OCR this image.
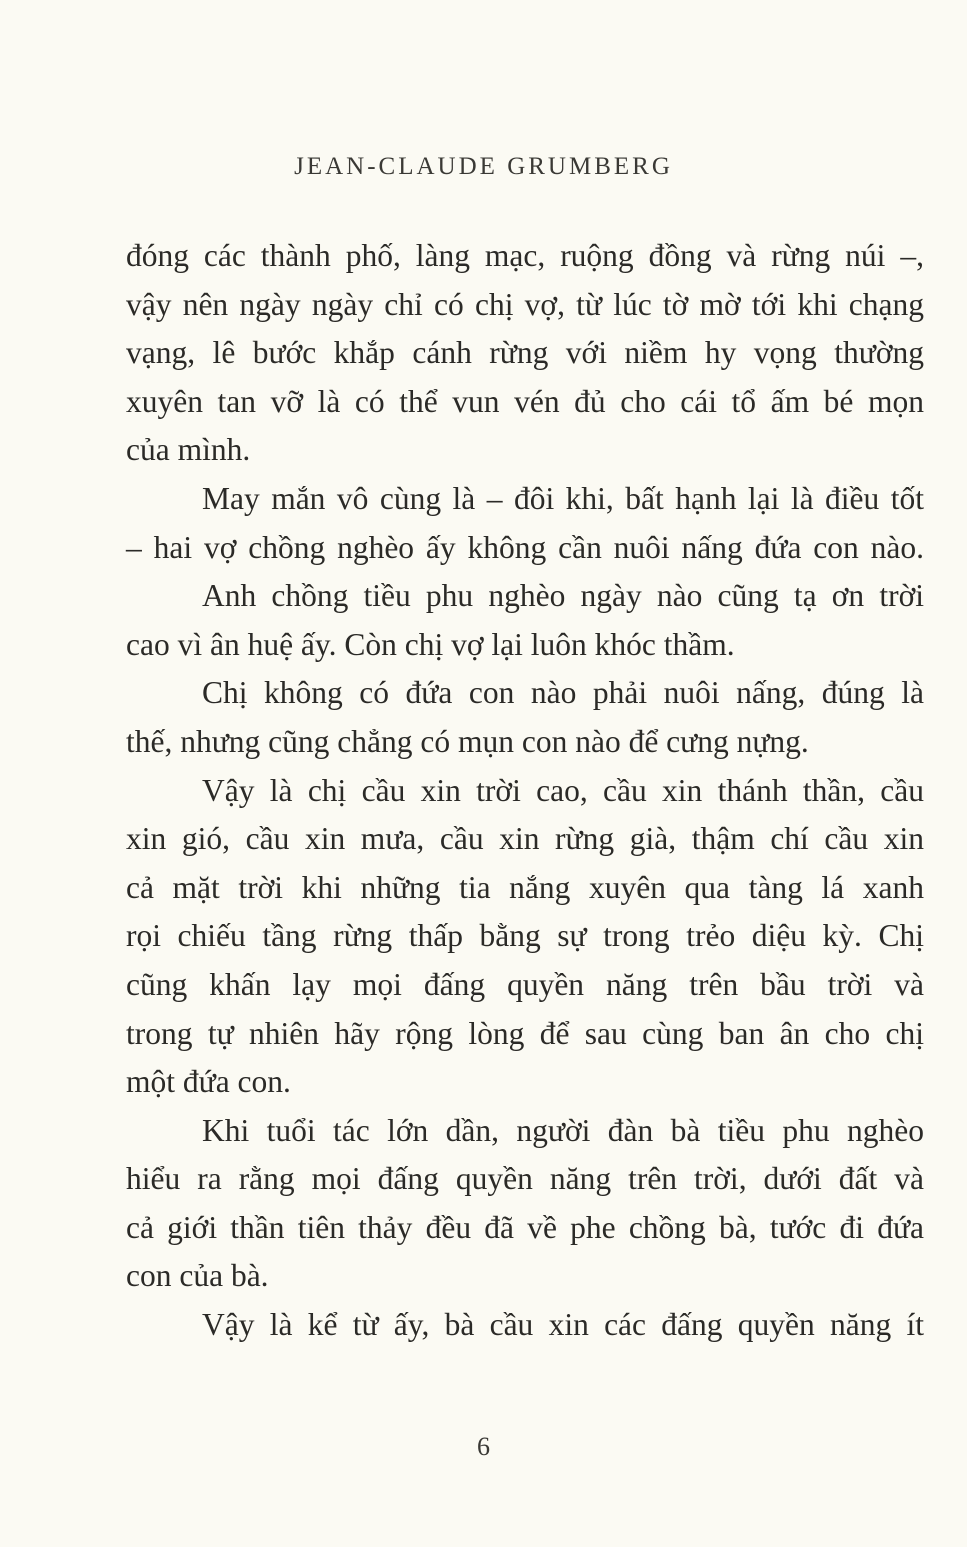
JEAN-CLAUDE GRUMBERG
đóng các thành phố, làng mạc, ruộng đồng và rừng núi –,
vậy nên ngày ngày chỉ có chị vợ, từ lúc tờ mờ tới khi chạng
vạng, lê bước khắp cánh rừng với niềm hy vọng thường
xuyên tan vỡ là có thể vun vén đủ cho cái tổ ấm bé mọn
của mình.
May mắn vô cùng là – đôi khi, bất hạnh lại là điều tốt
– hai vợ chồng nghèo ấy không cần nuôi nấng đứa con nào.
Anh chồng tiều phu nghèo ngày nào cũng tạ ơn trời
cao vì ân huệ ấy. Còn chị vợ lại luôn khóc thầm.
Chị không có đứa con nào phải nuôi nấng, đúng là
thế, nhưng cũng chẳng có mụn con nào để cưng nựng.
Vậy là chị cầu xin trời cao, cầu xin thánh thần, cầu
xin gió, cầu xin mưa, cầu xin rừng già, thậm chí cầu xin
cả mặt trời khi những tia nắng xuyên qua tàng lá xanh
rọi chiếu tầng rừng thấp bằng sự trong trẻo diệu kỳ. Chị
cũng khấn lạy mọi đấng quyền năng trên bầu trời và
trong tự nhiên hãy rộng lòng để sau cùng ban ân cho chị
một đứa con.
Khi tuổi tác lớn dần, người đàn bà tiều phu nghèo
hiểu ra rằng mọi đấng quyền năng trên trời, dưới đất và
cả giới thần tiên thảy đều đã về phe chồng bà, tước đi đứa
con của bà.
Vậy là kể từ ấy, bà cầu xin các đấng quyền năng ít
6
